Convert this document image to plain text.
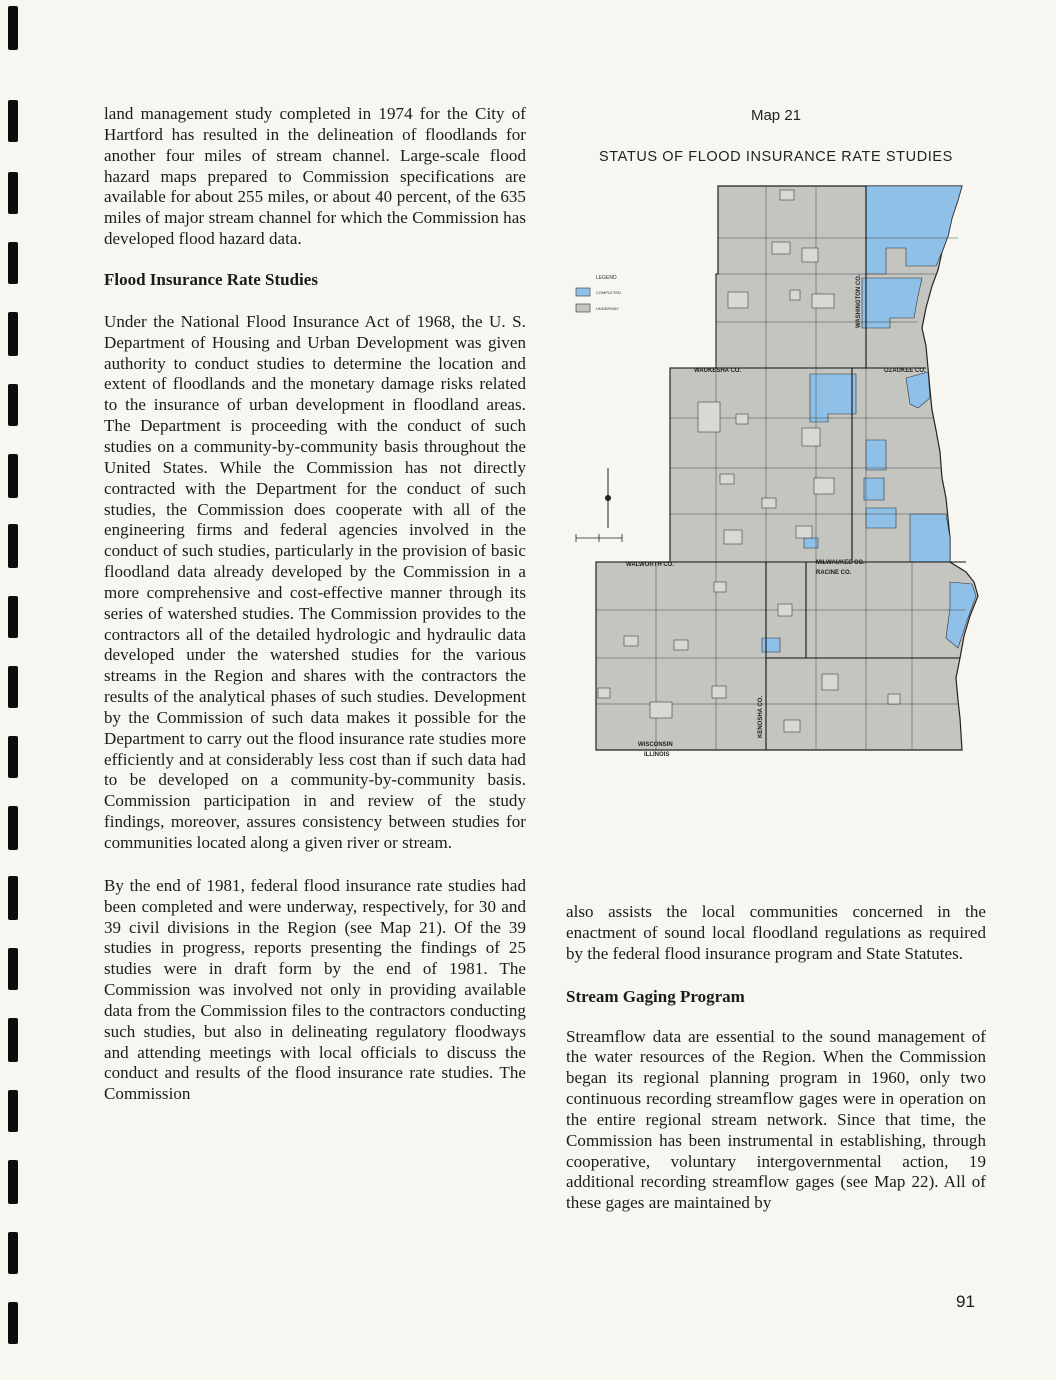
land management study completed in 1974 for the City of Hartford has resulted in the delineation of floodlands for another four miles of stream channel. Large-scale flood hazard maps prepared to Commission specifications are available for about 255 miles, or about 40 percent, of the 635 miles of major stream channel for which the Commission has developed flood hazard data.

Flood Insurance Rate Studies

Under the National Flood Insurance Act of 1968, the U. S. Department of Housing and Urban Development was given authority to conduct studies to determine the location and extent of floodlands and the monetary damage risks related to the insurance of urban development in floodland areas. The Department is proceeding with the conduct of such studies on a community-by-community basis throughout the United States. While the Commission has not directly contracted with the Department for the conduct of such studies, the Commission does cooperate with all of the engineering firms and federal agencies involved in the conduct of such studies, particularly in the provision of basic floodland data already developed by the Commission in a more comprehensive and cost-effective manner through its series of watershed studies. The Commission provides to the contractors all of the detailed hydrologic and hydraulic data developed under the watershed studies for the various streams in the Region and shares with the contractors the results of the analytical phases of such studies. Development by the Commission of such data makes it possible for the Department to carry out the flood insurance rate studies more efficiently and at considerably less cost than if such data had to be developed on a community-by-community basis. Commission participation in and review of the study findings, moreover, assures consistency between studies for communities located along a given river or stream.

By the end of 1981, federal flood insurance rate studies had been completed and were underway, respectively, for 30 and 39 civil divisions in the Region (see Map 21). Of the 39 studies in progress, reports presenting the findings of 25 studies were in draft form by the end of 1981. The Commission was involved not only in providing available data from the Commission files to the contractors conducting such studies, but also in delineating regulatory floodways and attending meetings with local officials to discuss the conduct and results of the flood insurance rate studies. The Commission

Map 21
STATUS OF FLOOD INSURANCE RATE STUDIES
LEGEND
COMPLETED
UNDERWAY	WASHINGTON CO.
WAUKESHA CO.	OZAUKEE CO.
MILWAUKEE CO.
WALWORTH CO.
RACINE CO.
KENOSHA CO.
WISCONSIN
ILLINOIS

also assists the local communities concerned in the enactment of sound local floodland regulations as required by the federal flood insurance program and State Statutes.

Stream Gaging Program

Streamflow data are essential to the sound management of the water resources of the Region. When the Commission began its regional planning program in 1960, only two continuous recording streamflow gages were in operation on the entire regional stream network. Since that time, the Commission has been instrumental in establishing, through cooperative, voluntary intergovernmental action, 19 additional recording streamflow gages (see Map 22). All of these gages are maintained by

91
